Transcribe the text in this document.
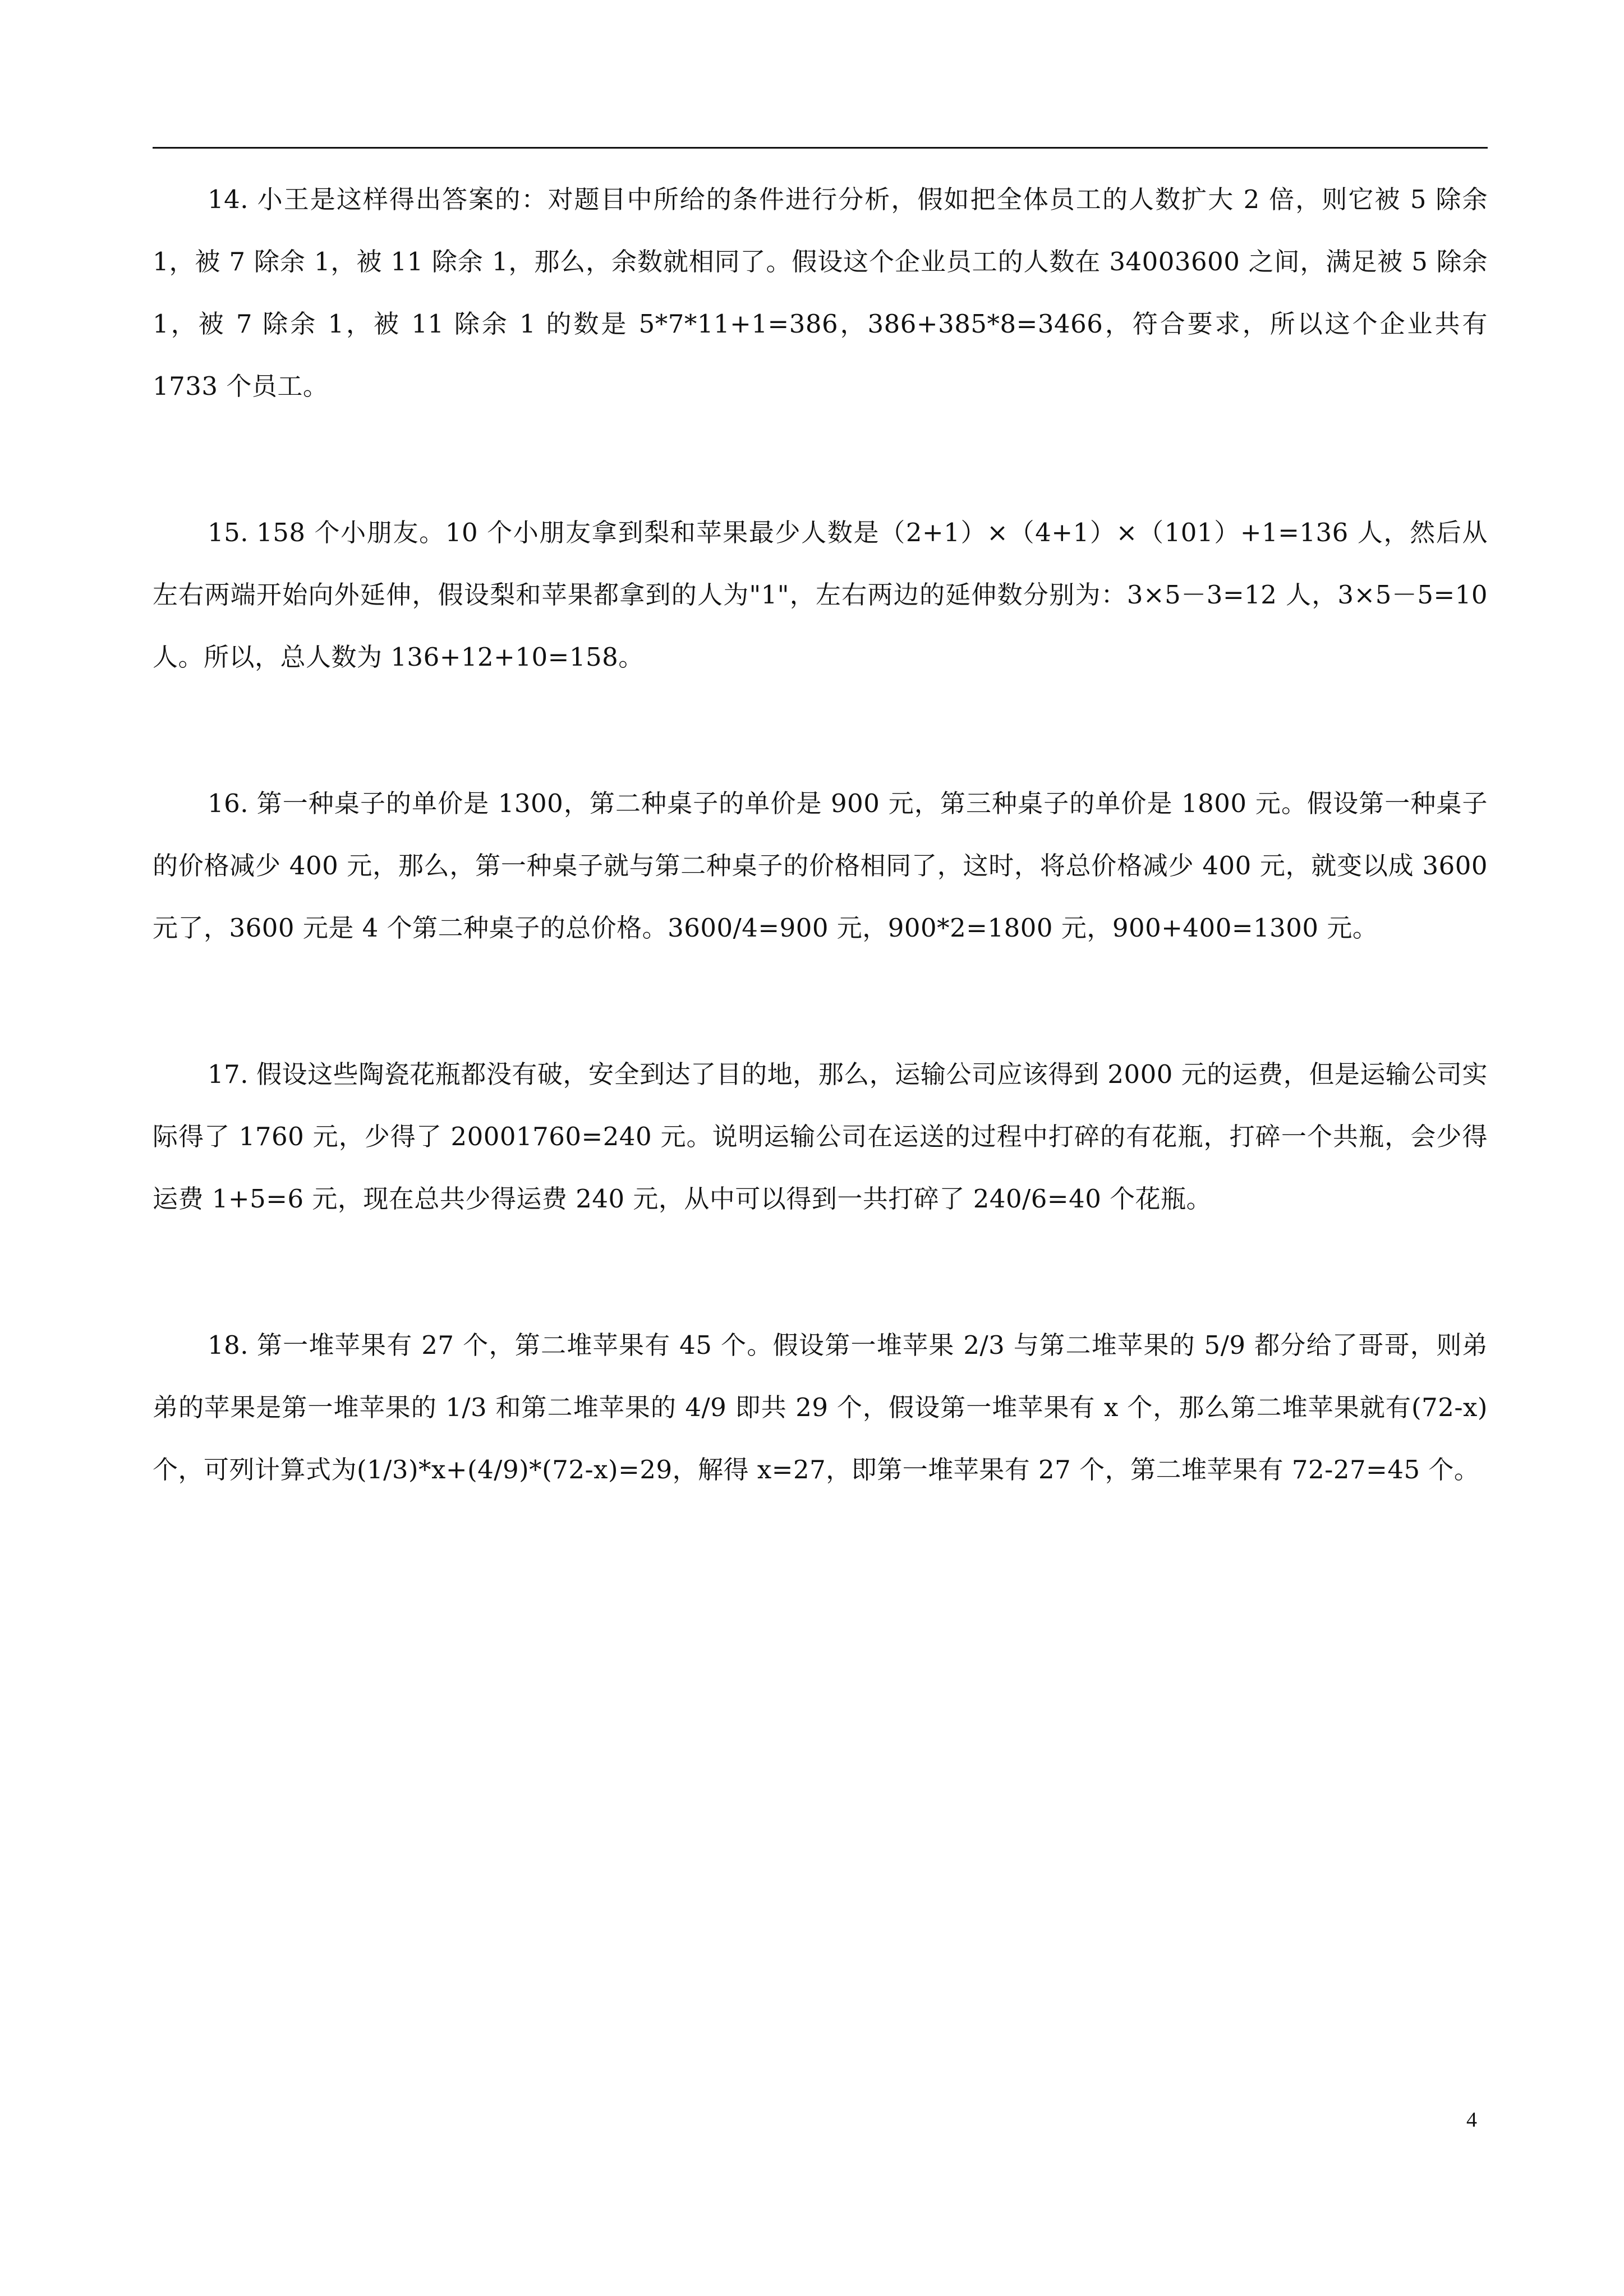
14. 小王是这样得出答案的：对题目中所给的条件进行分析，假如把全体员工的人数扩大 2 倍，则它被 5 除余 1，被 7 除余 1，被 11 除余 1，那么，余数就相同了。假设这个企业员工的人数在 34003600 之间，满足被 5 除余 1，被 7 除余 1，被 11 除余 1 的数是 5*7*11+1=386，386+385*8=3466，符合要求，所以这个企业共有 1733 个员工。

15. 158 个小朋友。10 个小朋友拿到梨和苹果最少人数是（2+1）×（4+1）×（101）+1=136 人，然后从左右两端开始向外延伸，假设梨和苹果都拿到的人为"1"，左右两边的延伸数分别为：3×5－3=12 人，3×5－5=10 人。所以，总人数为 136+12+10=158。

16. 第一种桌子的单价是 1300，第二种桌子的单价是 900 元，第三种桌子的单价是 1800 元。假设第一种桌子的价格减少 400 元，那么，第一种桌子就与第二种桌子的价格相同了，这时，将总价格减少 400 元，就变以成 3600 元了，3600 元是 4 个第二种桌子的总价格。3600/4=900 元，900*2=1800 元，900+400=1300 元。

17. 假设这些陶瓷花瓶都没有破，安全到达了目的地，那么，运输公司应该得到 2000 元的运费，但是运输公司实际得了 1760 元，少得了 20001760=240 元。说明运输公司在运送的过程中打碎的有花瓶，打碎一个共瓶，会少得运费 1+5=6 元，现在总共少得运费 240 元，从中可以得到一共打碎了 240/6=40 个花瓶。

18. 第一堆苹果有 27 个，第二堆苹果有 45 个。假设第一堆苹果 2/3 与第二堆苹果的 5/9 都分给了哥哥，则弟弟的苹果是第一堆苹果的 1/3 和第二堆苹果的 4/9 即共 29 个，假设第一堆苹果有 x 个，那么第二堆苹果就有(72-x)个，可列计算式为(1/3)*x+(4/9)*(72-x)=29，解得 x=27，即第一堆苹果有 27 个，第二堆苹果有 72-27=45 个。

4
